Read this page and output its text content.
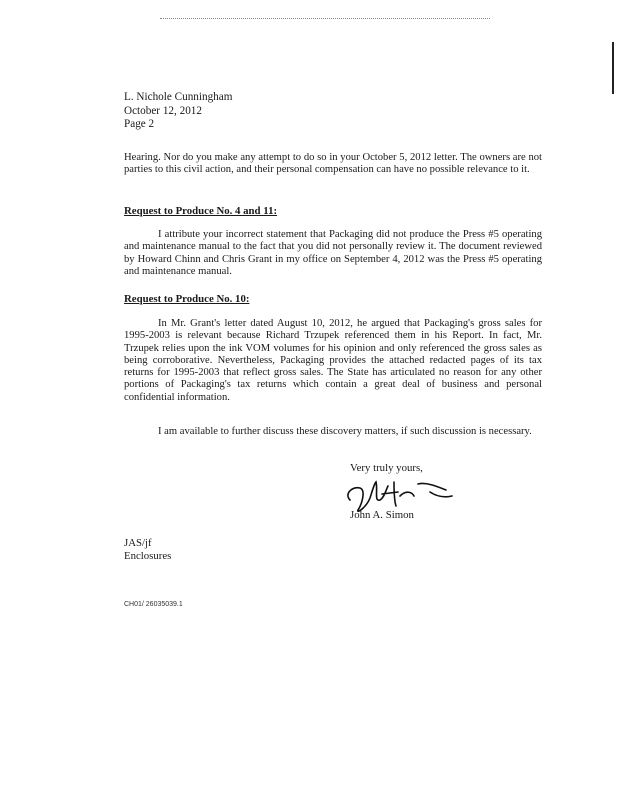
L. Nichole Cunningham
October 12, 2012
Page 2

Hearing. Nor do you make any attempt to do so in your October 5, 2012 letter. The owners are not parties to this civil action, and their personal compensation can have no possible relevance to it.

Request to Produce No. 4 and 11:

I attribute your incorrect statement that Packaging did not produce the Press #5 operating and maintenance manual to the fact that you did not personally review it. The document reviewed by Howard Chinn and Chris Grant in my office on September 4, 2012 was the Press #5 operating and maintenance manual.

Request to Produce No. 10:

In Mr. Grant's letter dated August 10, 2012, he argued that Packaging's gross sales for 1995-2003 is relevant because Richard Trzupek referenced them in his Report. In fact, Mr. Trzupek relies upon the ink VOM volumes for his opinion and only referenced the gross sales as being corroborative. Nevertheless, Packaging provides the attached redacted pages of its tax returns for 1995-2003 that reflect gross sales. The State has articulated no reason for any other portions of Packaging's tax returns which contain a great deal of business and personal confidential information.

I am available to further discuss these discovery matters, if such discussion is necessary.

Very truly yours,
John A. Simon
JAS/jf
Enclosures
CH01/ 26035039.1
